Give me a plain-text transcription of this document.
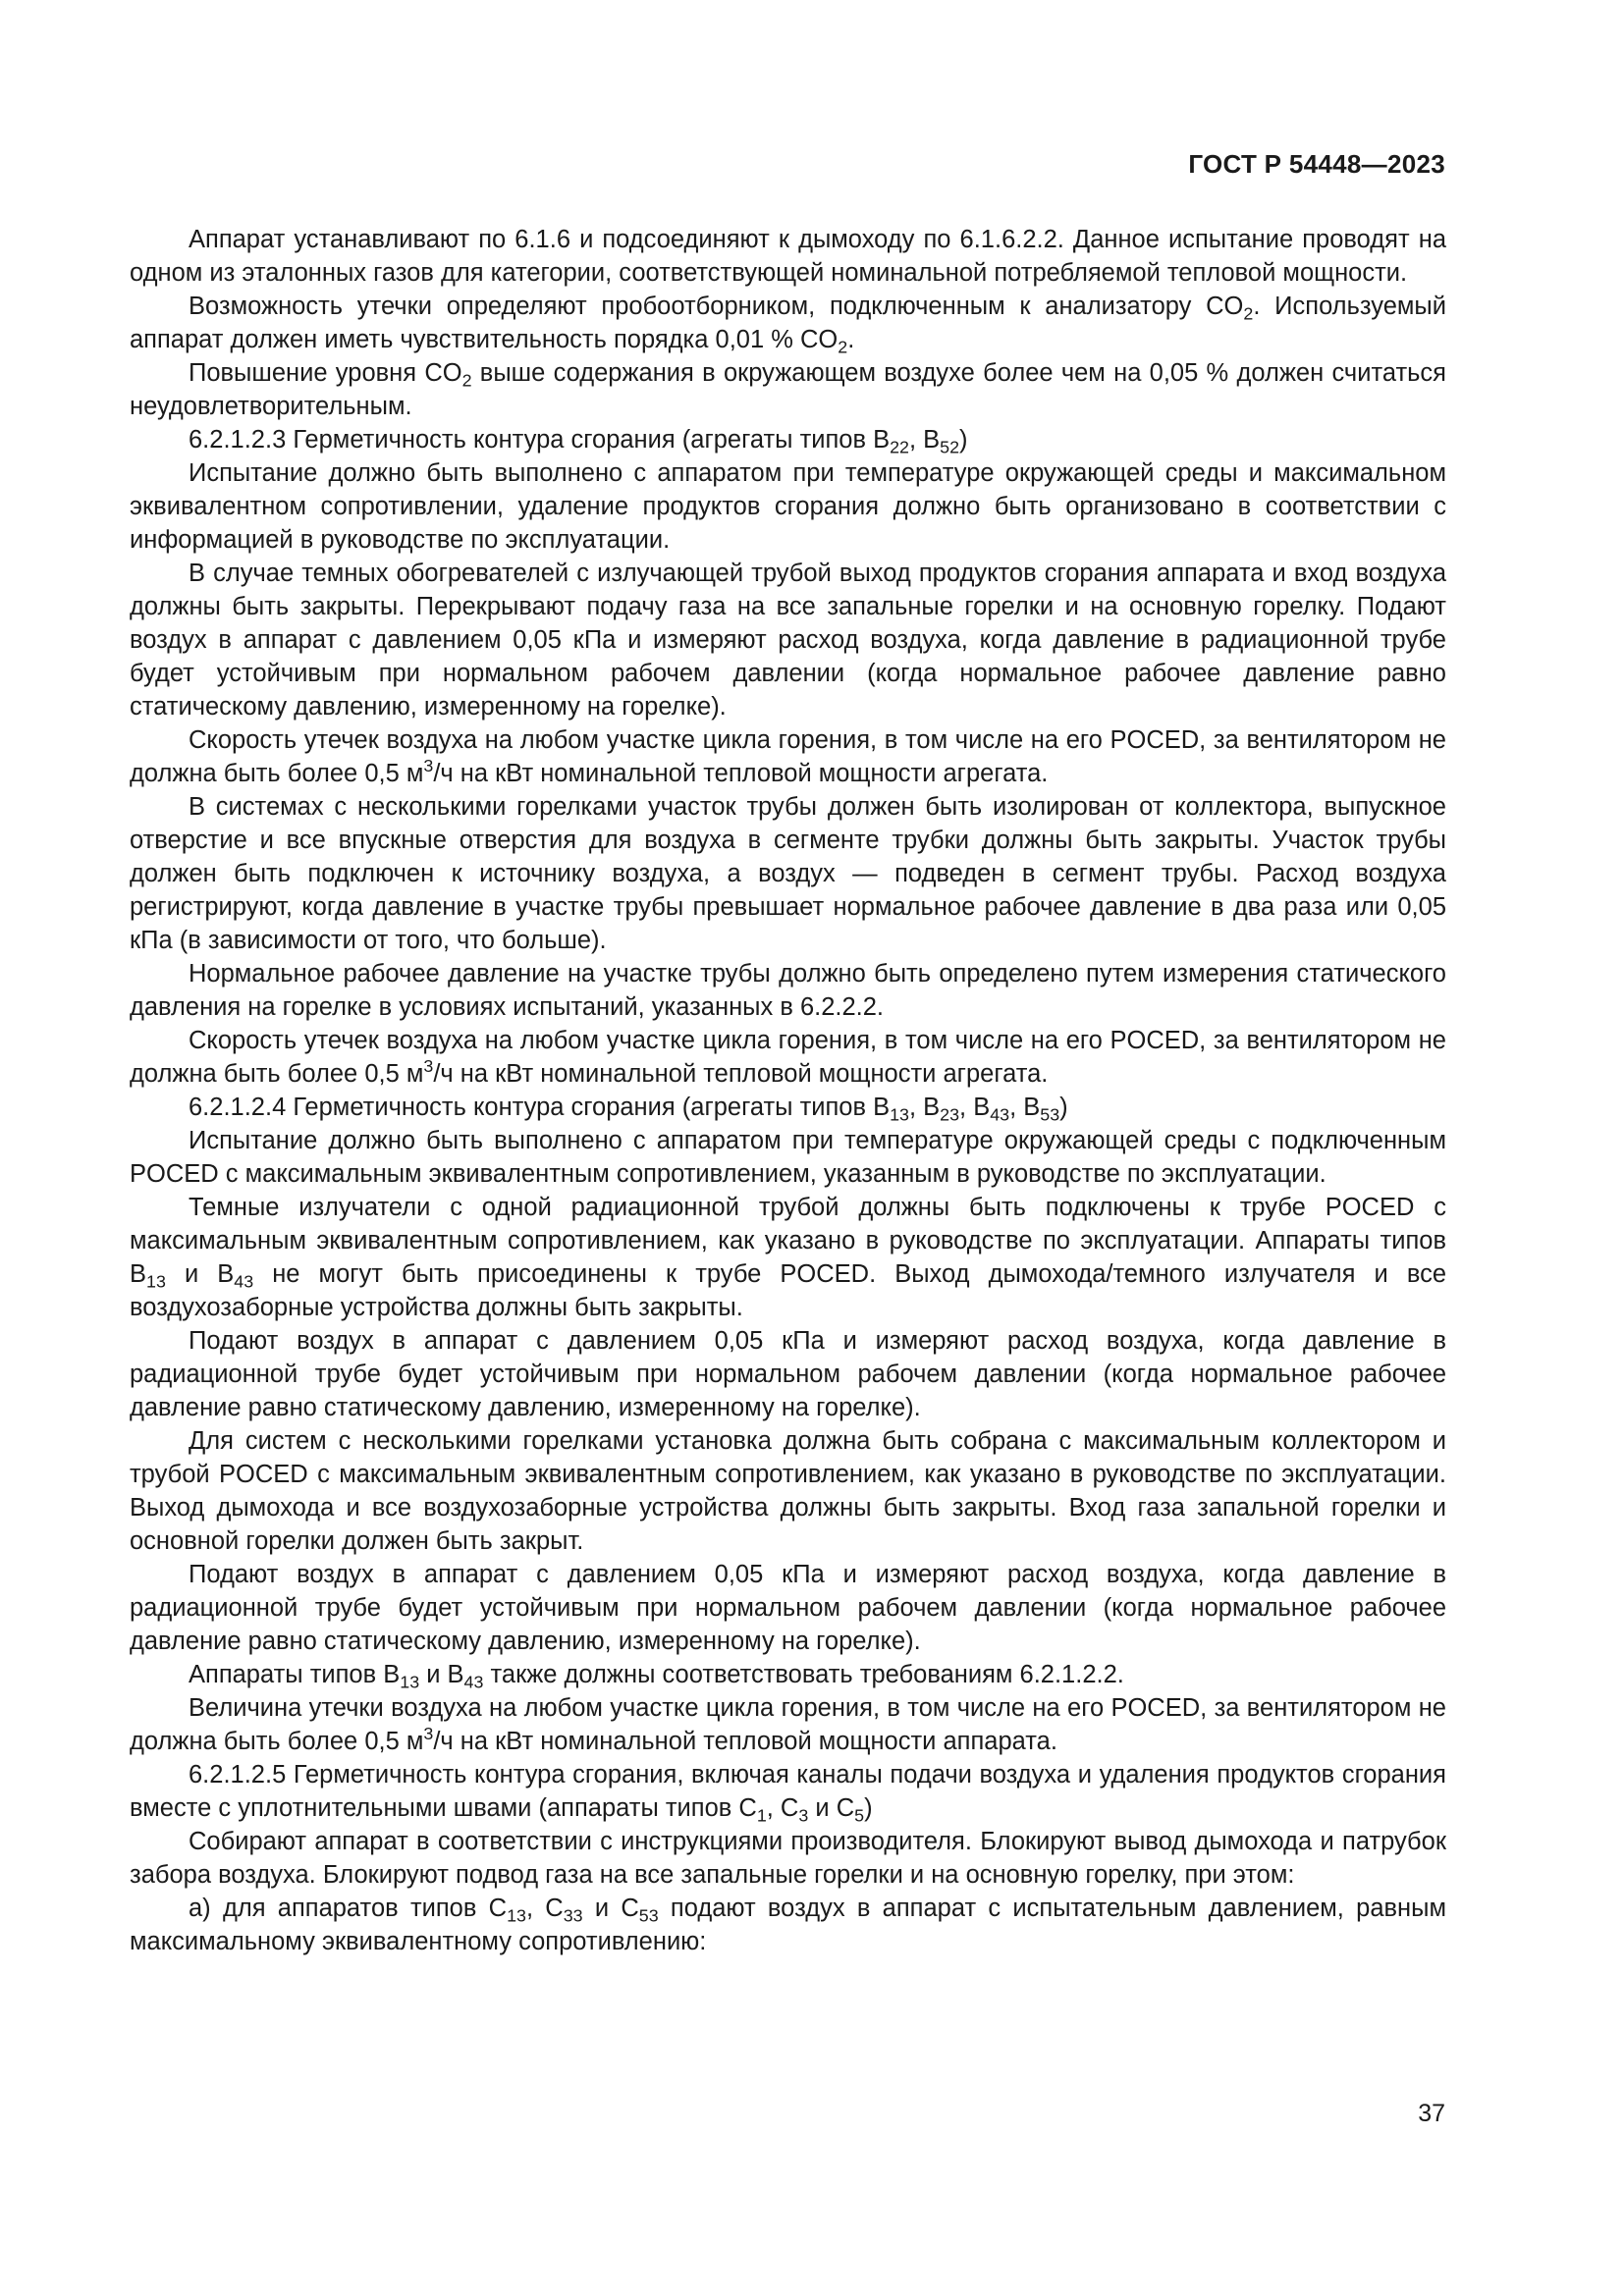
ГОСТ Р 54448—2023

Аппарат устанавливают по 6.1.6 и подсоединяют к дымоходу по 6.1.6.2.2. Данное испытание проводят на одном из эталонных газов для категории, соответствующей номинальной потребляемой тепловой мощности.

Возможность утечки определяют пробоотборником, подключенным к анализатору $CO_2$. Используемый аппарат должен иметь чувствительность порядка 0,01 % $CO_2$.

Повышение уровня $CO_2$ выше содержания в окружающем воздухе более чем на 0,05 % должен считаться неудовлетворительным.

6.2.1.2.3 Герметичность контура сгорания (агрегаты типов $B_{22}$, $B_{52}$)

Испытание должно быть выполнено с аппаратом при температуре окружающей среды и максимальном эквивалентном сопротивлении, удаление продуктов сгорания должно быть организовано в соответствии с информацией в руководстве по эксплуатации.

В случае темных обогревателей с излучающей трубой выход продуктов сгорания аппарата и вход воздуха должны быть закрыты. Перекрывают подачу газа на все запальные горелки и на основную горелку. Подают воздух в аппарат с давлением 0,05 кПа и измеряют расход воздуха, когда давление в радиационной трубе будет устойчивым при нормальном рабочем давлении (когда нормальное рабочее давление равно статическому давлению, измеренному на горелке).

Скорость утечек воздуха на любом участке цикла горения, в том числе на его POCED, за вентилятором не должна быть более 0,5 $м^3/ч$ на кВт номинальной тепловой мощности агрегата.

В системах с несколькими горелками участок трубы должен быть изолирован от коллектора, выпускное отверстие и все впускные отверстия для воздуха в сегменте трубки должны быть закрыты. Участок трубы должен быть подключен к источнику воздуха, а воздух — подведен в сегмент трубы. Расход воздуха регистрируют, когда давление в участке трубы превышает нормальное рабочее давление в два раза или 0,05 кПа (в зависимости от того, что больше).

Нормальное рабочее давление на участке трубы должно быть определено путем измерения статического давления на горелке в условиях испытаний, указанных в 6.2.2.2.

Скорость утечек воздуха на любом участке цикла горения, в том числе на его POCED, за вентилятором не должна быть более 0,5 $м^3/ч$ на кВт номинальной тепловой мощности агрегата.

6.2.1.2.4 Герметичность контура сгорания (агрегаты типов $B_{13}$, $B_{23}$, $B_{43}$, $B_{53}$)

Испытание должно быть выполнено с аппаратом при температуре окружающей среды с подключенным POCED с максимальным эквивалентным сопротивлением, указанным в руководстве по эксплуатации.

Темные излучатели с одной радиационной трубой должны быть подключены к трубе POCED с максимальным эквивалентным сопротивлением, как указано в руководстве по эксплуатации. Аппараты типов $B_{13}$ и $B_{43}$ не могут быть присоединены к трубе POCED. Выход дымохода/темного излучателя и все воздухозаборные устройства должны быть закрыты.

Подают воздух в аппарат с давлением 0,05 кПа и измеряют расход воздуха, когда давление в радиационной трубе будет устойчивым при нормальном рабочем давлении (когда нормальное рабочее давление равно статическому давлению, измеренному на горелке).

Для систем с несколькими горелками установка должна быть собрана с максимальным коллектором и трубой POCED с максимальным эквивалентным сопротивлением, как указано в руководстве по эксплуатации. Выход дымохода и все воздухозаборные устройства должны быть закрыты. Вход газа запальной горелки и основной горелки должен быть закрыт.

Подают воздух в аппарат с давлением 0,05 кПа и измеряют расход воздуха, когда давление в радиационной трубе будет устойчивым при нормальном рабочем давлении (когда нормальное рабочее давление равно статическому давлению, измеренному на горелке).

Аппараты типов $B_{13}$ и $B_{43}$ также должны соответствовать требованиям 6.2.1.2.2.

Величина утечки воздуха на любом участке цикла горения, в том числе на его POCED, за вентилятором не должна быть более 0,5 $м^3/ч$ на кВт номинальной тепловой мощности аппарата.

6.2.1.2.5 Герметичность контура сгорания, включая каналы подачи воздуха и удаления продуктов сгорания вместе с уплотнительными швами (аппараты типов $C_1$, $C_3$ и $C_5$)

Собирают аппарат в соответствии с инструкциями производителя. Блокируют вывод дымохода и патрубок забора воздуха. Блокируют подвод газа на все запальные горелки и на основную горелку, при этом:

а) для аппаратов типов $C_{13}$, $C_{33}$ и $C_{53}$ подают воздух в аппарат с испытательным давлением, равным максимальному эквивалентному сопротивлению:

37
